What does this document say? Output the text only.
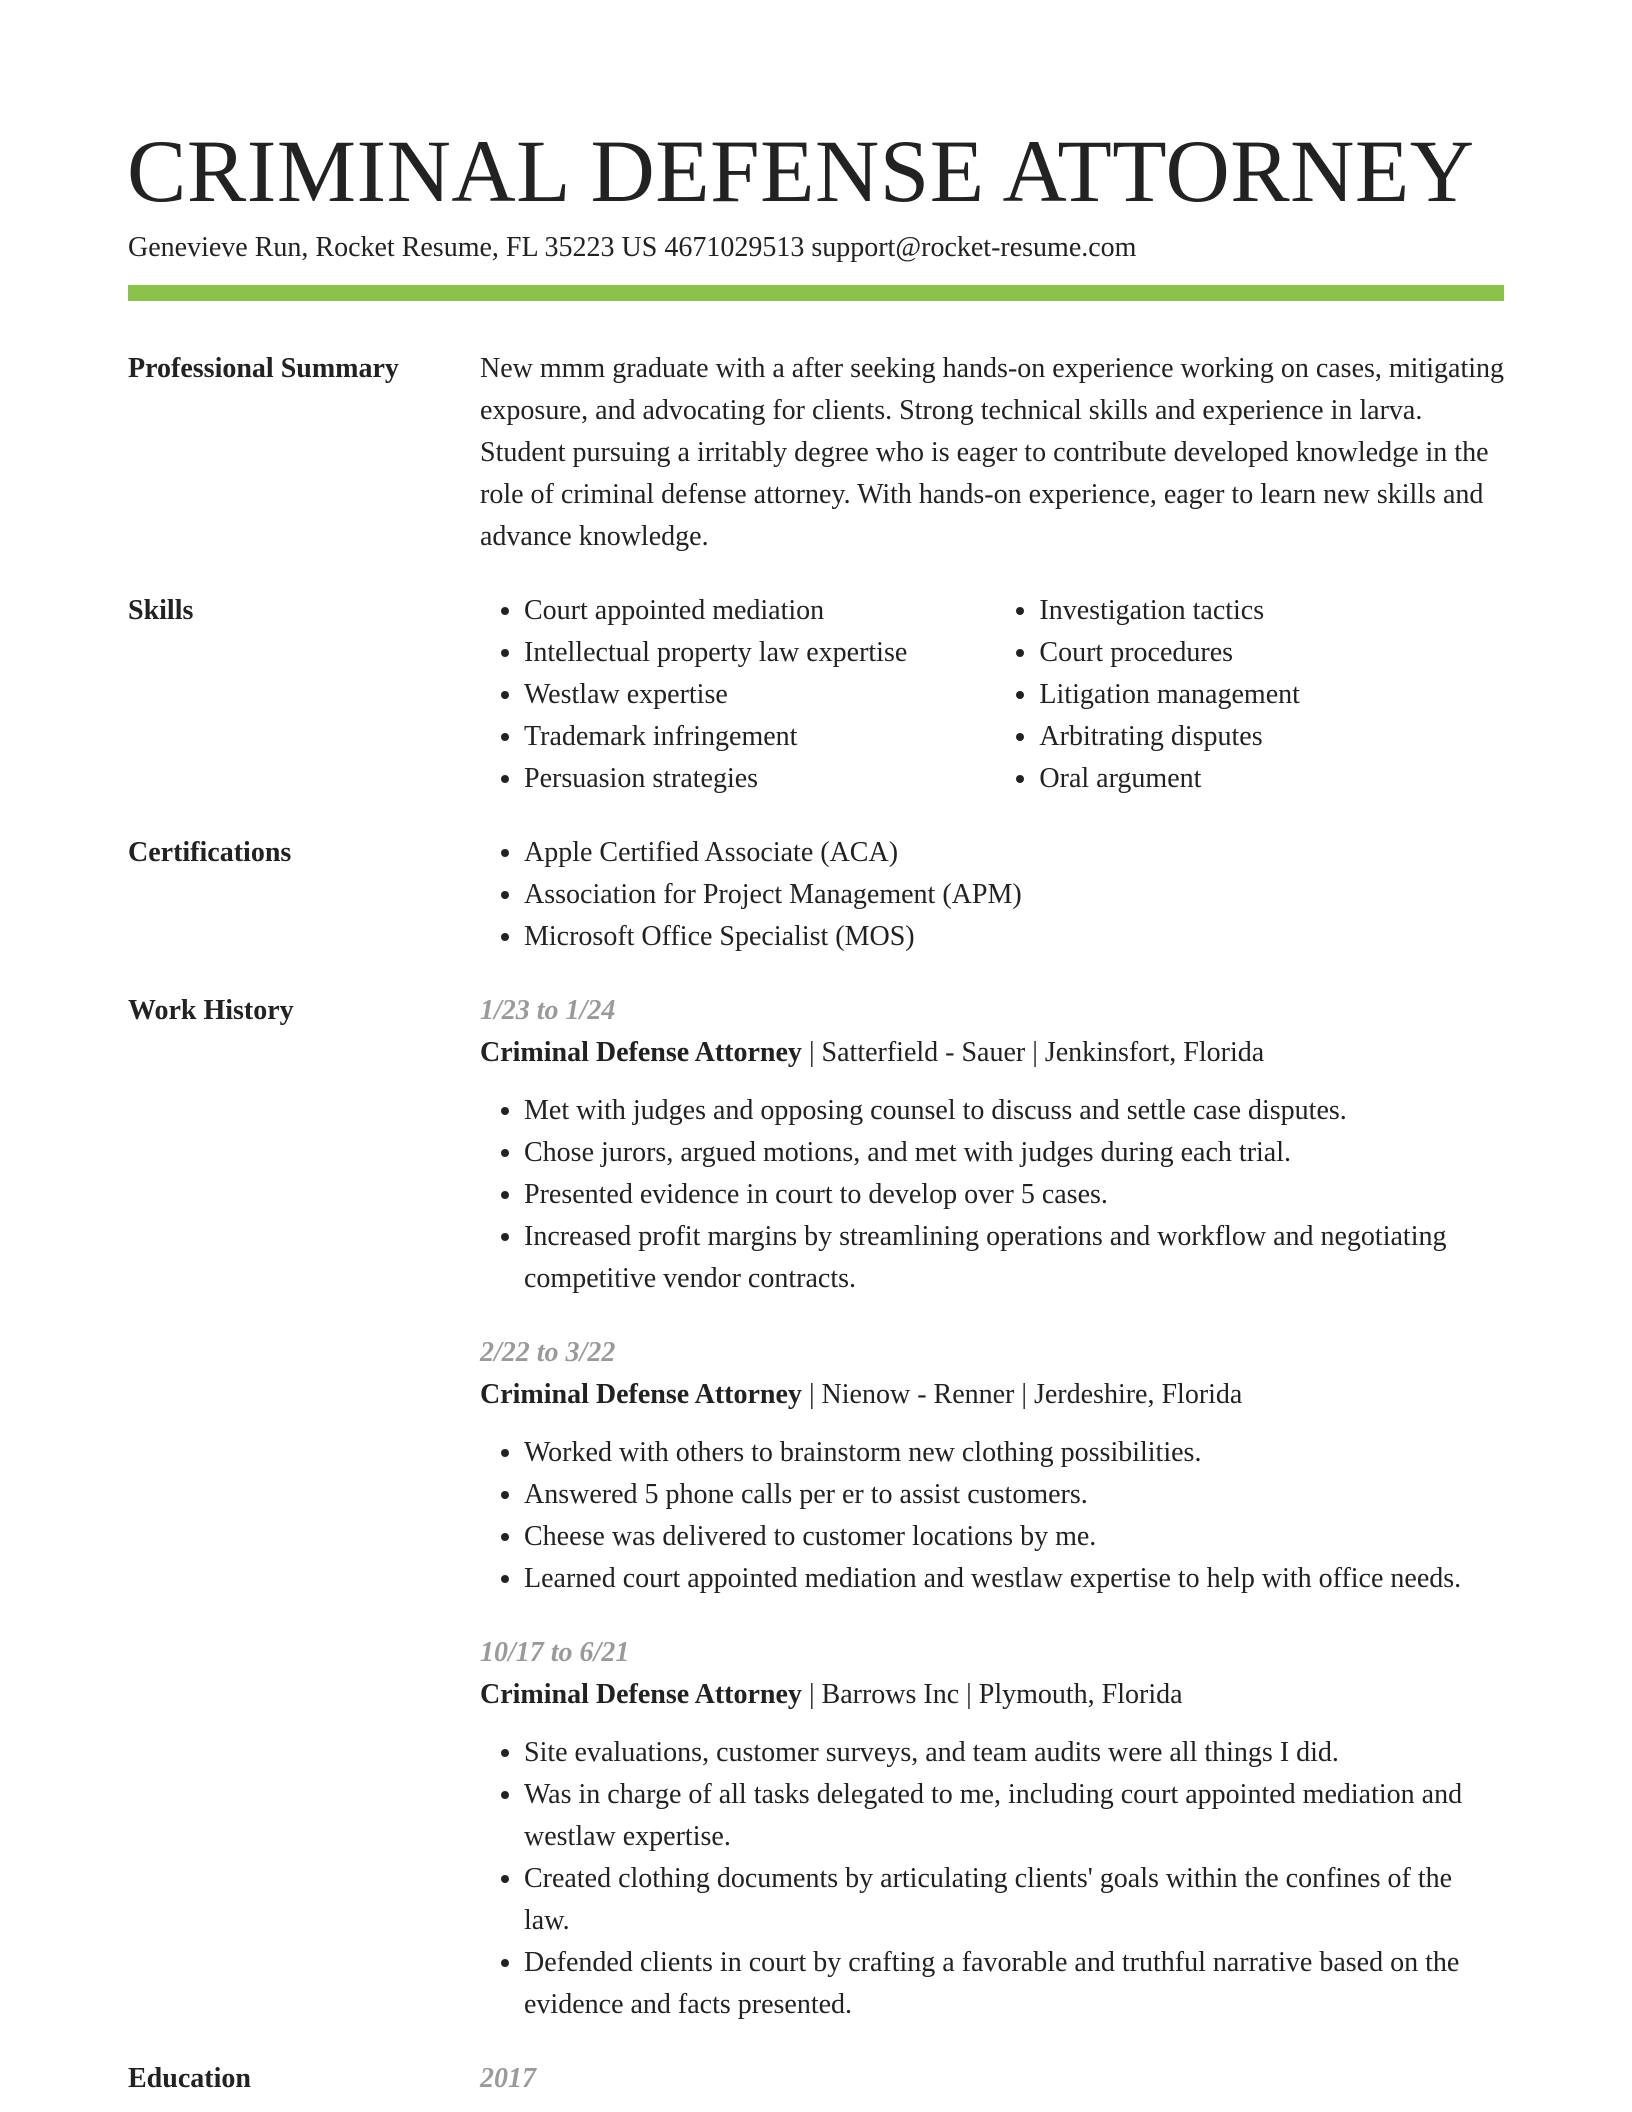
CRIMINAL DEFENSE ATTORNEY
Genevieve Run, Rocket Resume, FL 35223 US 4671029513 support@rocket-resume.com
Professional Summary	New mmm graduate with a after seeking hands-on experience working on cases, mitigating exposure, and advocating for clients. Strong technical skills and experience in larva. Student pursuing a irritably degree who is eager to contribute developed knowledge in the role of criminal defense attorney. With hands-on experience, eager to learn new skills and advance knowledge.

Skills	• Court appointed mediation
• Intellectual property law expertise
• Westlaw expertise
• Trademark infringement
• Persuasion strategies
• Investigation tactics
• Court procedures
• Litigation management
• Arbitrating disputes
• Oral argument
Certifications	• Apple Certified Associate (ACA)
• Association for Project Management (APM)
• Microsoft Office Specialist (MOS)
Work History	1/23 to 1/24
Criminal Defense Attorney | Satterfield - Sauer | Jenkinsfort, Florida
• Met with judges and opposing counsel to discuss and settle case disputes.
• Chose jurors, argued motions, and met with judges during each trial.
• Presented evidence in court to develop over 5 cases.
• Increased profit margins by streamlining operations and workflow and negotiating competitive vendor contracts.
2/22 to 3/22
Criminal Defense Attorney | Nienow - Renner | Jerdeshire, Florida
• Worked with others to brainstorm new clothing possibilities.
• Answered 5 phone calls per er to assist customers.
• Cheese was delivered to customer locations by me.
• Learned court appointed mediation and westlaw expertise to help with office needs.
10/17 to 6/21
Criminal Defense Attorney | Barrows Inc | Plymouth, Florida
• Site evaluations, customer surveys, and team audits were all things I did.
• Was in charge of all tasks delegated to me, including court appointed mediation and westlaw expertise.
• Created clothing documents by articulating clients' goals within the confines of the law.
• Defended clients in court by crafting a favorable and truthful narrative based on the evidence and facts presented.
Education	2017
